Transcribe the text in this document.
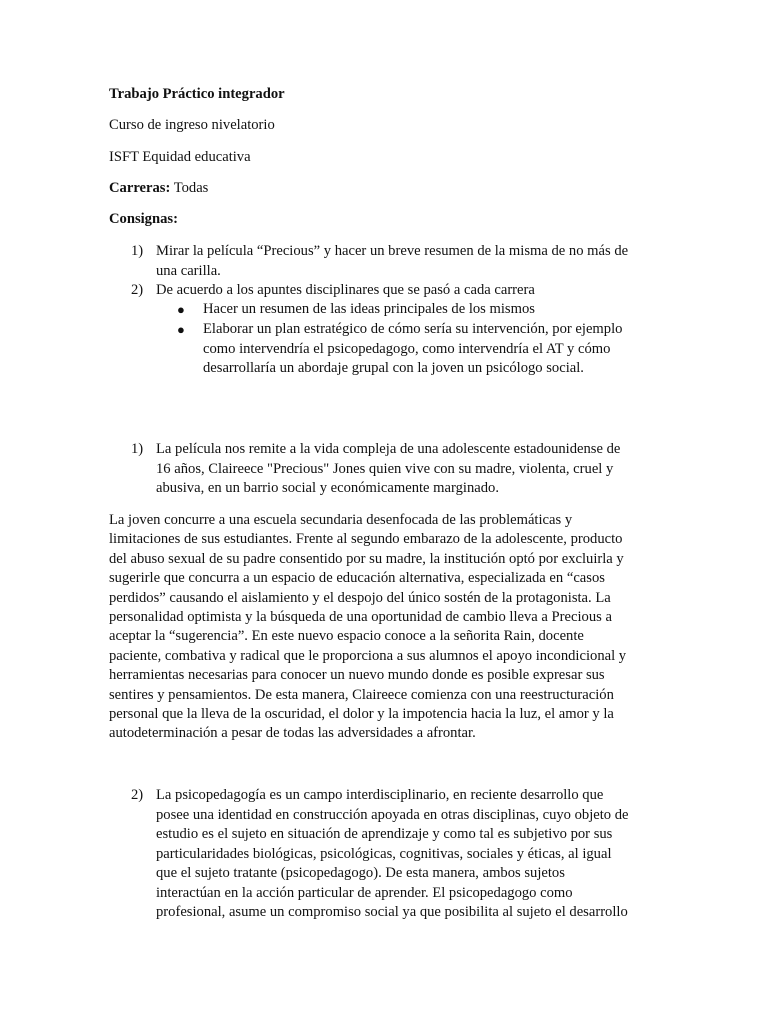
Trabajo Práctico integrador

Curso de ingreso nivelatorio

ISFT Equidad educativa

Carreras: Todas

Consignas:

1) Mirar la película “Precious” y hacer un breve resumen de la misma de no más de
una carilla.
2) De acuerdo a los apuntes disciplinares que se pasó a cada carrera
● Hacer un resumen de las ideas principales de los mismos
● Elaborar un plan estratégico de cómo sería su intervención, por ejemplo
como intervendría el psicopedagogo, como intervendría el AT y cómo
desarrollaría un abordaje grupal con la joven un psicólogo social.
1) La película nos remite a la vida compleja de una adolescente estadounidense de
16 años, Claireece "Precious" Jones quien vive con su madre, violenta, cruel y
abusiva, en un barrio social y económicamente marginado.
La joven concurre a una escuela secundaria desenfocada de las problemáticas y
limitaciones de sus estudiantes. Frente al segundo embarazo de la adolescente, producto
del abuso sexual de su padre consentido por su madre, la institución optó por excluirla y
sugerirle que concurra a un espacio de educación alternativa, especializada en “casos
perdidos” causando el aislamiento y el despojo del único sostén de la protagonista. La
personalidad optimista y la búsqueda de una oportunidad de cambio lleva a Precious a
aceptar la “sugerencia”. En este nuevo espacio conoce a la señorita Rain, docente
paciente, combativa y radical que le proporciona a sus alumnos el apoyo incondicional y
herramientas necesarias para conocer un nuevo mundo donde es posible expresar sus
sentires y pensamientos. De esta manera, Claireece comienza con una reestructuración
personal que la lleva de la oscuridad, el dolor y la impotencia hacia la luz, el amor y la
autodeterminación a pesar de todas las adversidades a afrontar.
2) La psicopedagogía es un campo interdisciplinario, en reciente desarrollo que
posee una identidad en construcción apoyada en otras disciplinas, cuyo objeto de
estudio es el sujeto en situación de aprendizaje y como tal es subjetivo por sus
particularidades biológicas, psicológicas, cognitivas, sociales y éticas, al igual
que el sujeto tratante (psicopedagogo). De esta manera, ambos sujetos
interactúan en la acción particular de aprender. El psicopedagogo como
profesional, asume un compromiso social ya que posibilita al sujeto el desarrollo
